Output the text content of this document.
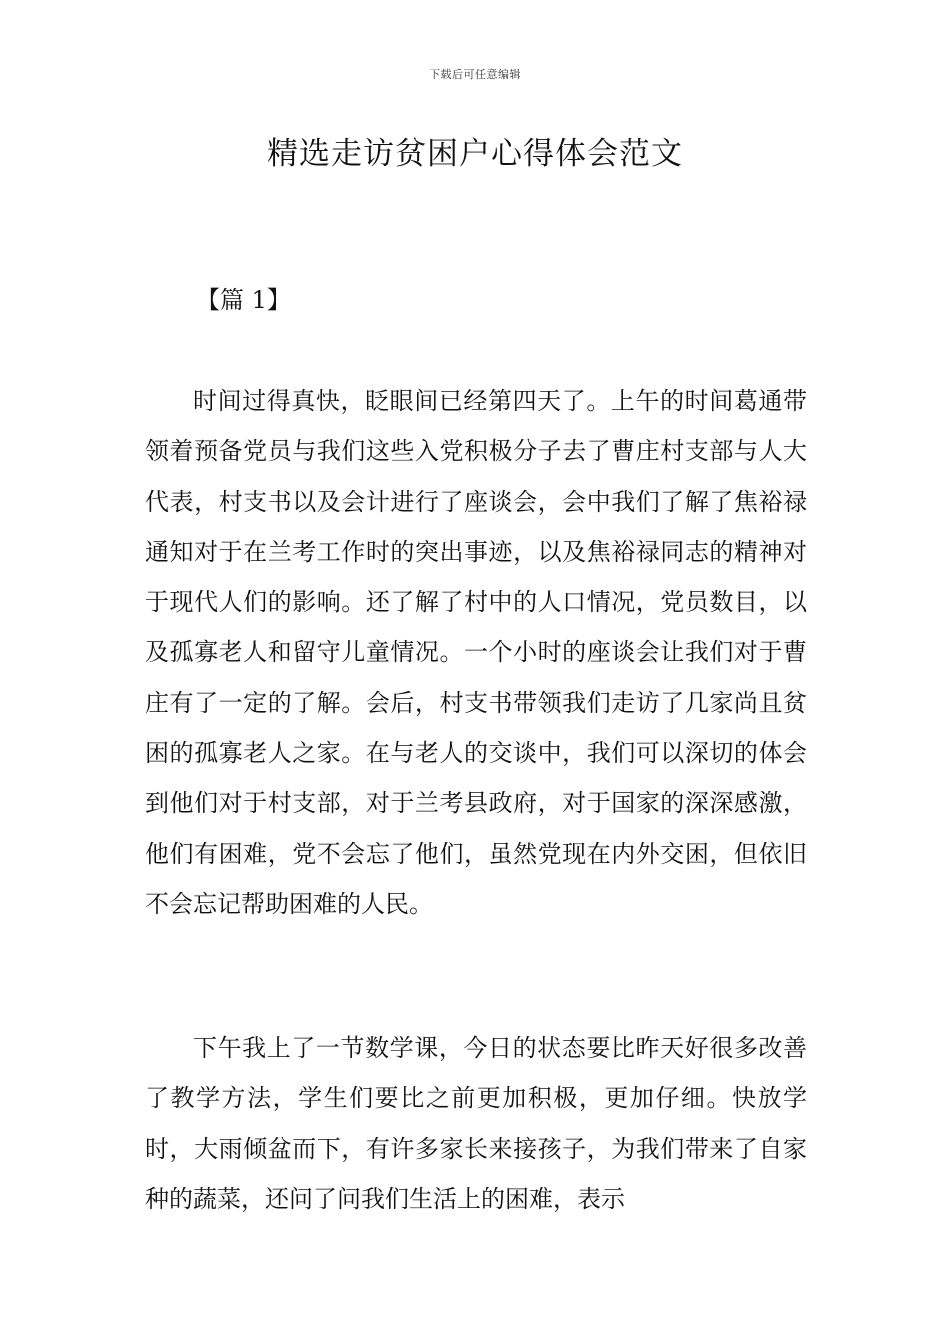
下载后可任意编辑
精选走访贫困户心得体会范文
【篇 1】

时间过得真快，眨眼间已经第四天了。上午的时间葛通带领着预备党员与我们这些入党积极分子去了曹庄村支部与人大代表，村支书以及会计进行了座谈会，会中我们了解了焦裕禄通知对于在兰考工作时的突出事迹，以及焦裕禄同志的精神对于现代人们的影响。还了解了村中的人口情况，党员数目，以及孤寡老人和留守儿童情况。一个小时的座谈会让我们对于曹庄有了一定的了解。会后，村支书带领我们走访了几家尚且贫困的孤寡老人之家。在与老人的交谈中，我们可以深切的体会到他们对于村支部，对于兰考县政府，对于国家的深深感激，他们有困难，党不会忘了他们，虽然党现在内外交困，但依旧不会忘记帮助困难的人民。

下午我上了一节数学课，今日的状态要比昨天好很多改善了教学方法，学生们要比之前更加积极，更加仔细。快放学时，大雨倾盆而下，有许多家长来接孩子，为我们带来了自家种的蔬菜，还问了问我们生活上的困难，表示
